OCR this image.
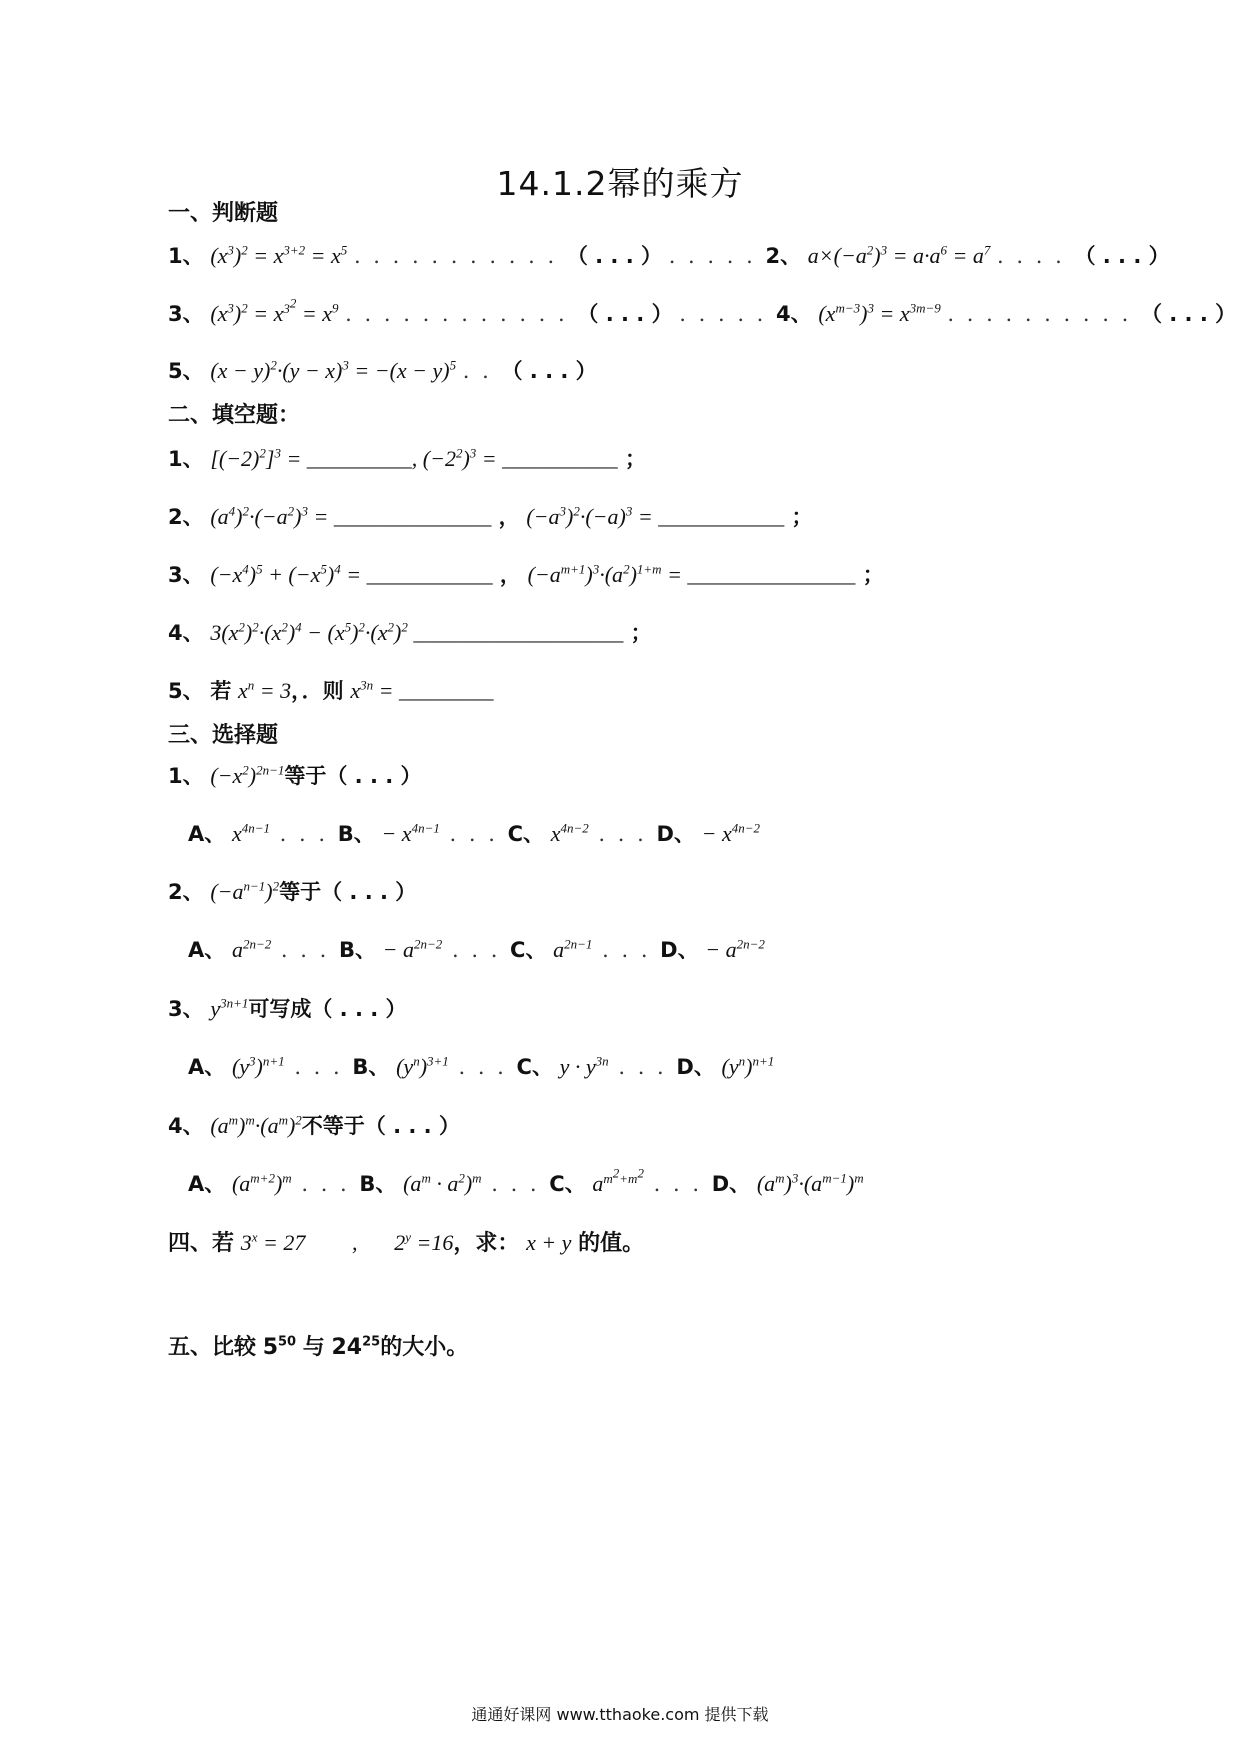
14.1.2幂的乘方
一、判断题
1、 $(x^3)^2 = x^{3+2} = x^5$ . . . . . . . . . . . （ . . . ） . . . . . 2、 $a\times(-a^2)^3 = a\cdot a^6 = a^7$ . . . . （ . . . ）
3、 $(x^3)^2 = x^{3^2} = x^9$ . . . . . . . . . . . . （ . . . ） . . . . . 4、 $(x^{m-3})^3 = x^{3m-9}$ . . . . . . . . . . （ . . . ）
5、 $(x - y)^2\cdot(y - x)^3 = -(x - y)^5$ . . （ . . . ）
二、填空题：
1、 $[(-2)^2]^3$ = __________, $(-2^2)^3$ = ___________ ；
2、 $(a^4)^2\cdot(-a^2)^3$ = _______________ ， $(-a^3)^2\cdot(-a)^3$ = ____________ ；
3、 $(-x^4)^5 + (-x^5)^4$ = ____________ ， $(-a^{m+1})^3\cdot(a^2)^{1+m}$ = ________________ ；
4、 $3(x^2)^2\cdot(x^2)^4 - (x^5)^2\cdot(x^2)^2$ ____________________ ；
5、 若 $x^n = 3$，．则 $x^{3n}$ = _________
三、选择题
1、 $(-x^2)^{2n-1}$等于（ . . . ）
A、 $x^{4n-1}$ . . . B、 − $x^{4n-1}$ . . . C、 $x^{4n-2}$ . . . D、 − $x^{4n-2}$
2、 $(-a^{n-1})^2$等于（ . . . ）
A、 $a^{2n-2}$ . . . B、 − $a^{2n-2}$ . . . C、 $a^{2n-1}$ . . . D、 − $a^{2n-2}$
3、 $y^{3n+1}$可写成（ . . . ）
A、 $(y^3)^{n+1}$ . . . B、 $(y^n)^{3+1}$ . . . C、 $y \cdot y^{3n}$ . . . D、 $(y^n)^{n+1}$
4、 $(a^m)^m\cdot(a^m)^2$不等于（ . . . ）
A、 $(a^{m+2})^m$ . . . B、 $(a^m \cdot a^2)^m$ . . . C、 $a^{m^2+m^2}$ . . . D、 $(a^m)^3\cdot(a^{m-1})^m$
四、若 $3^x = 27$ , $2^y =16$，求： x + y 的值。
五、比较 $5^{50}$ 与 $24^{25}$的大小。
通通好课网 www.tthaoke.com 提供下载
